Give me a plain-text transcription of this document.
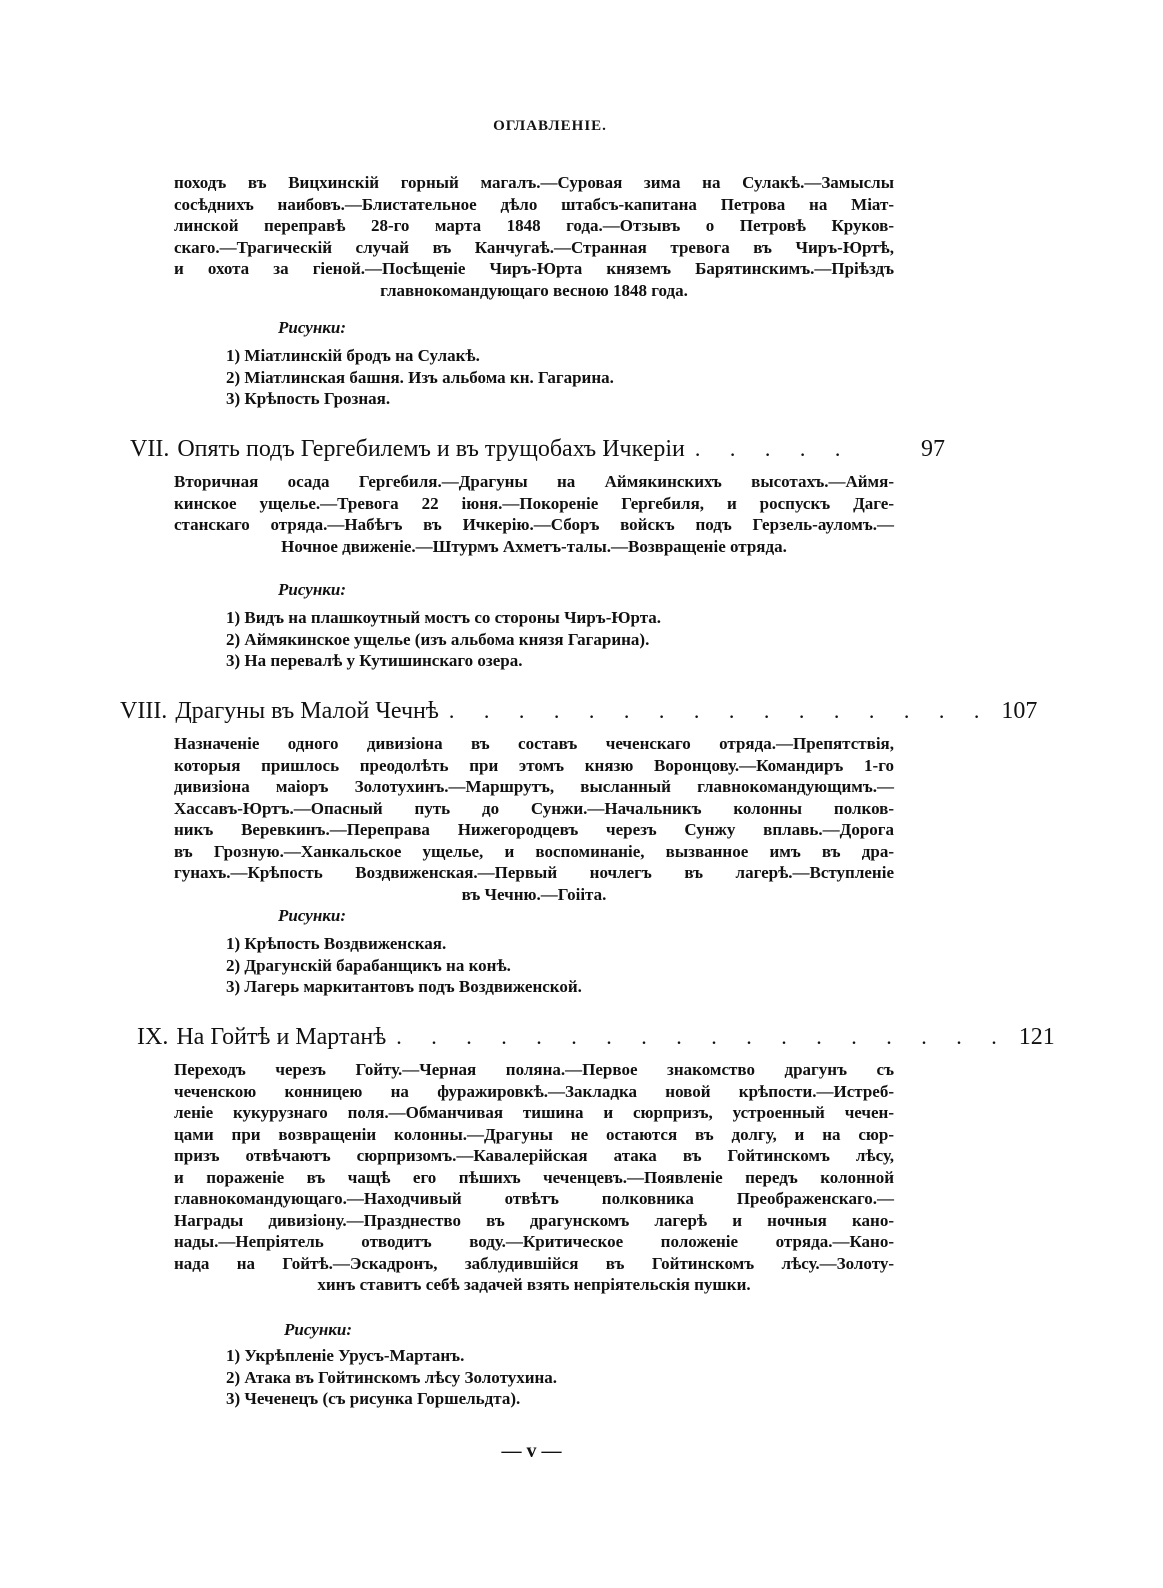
ОГЛАВЛЕНІЕ.
походъ въ Вицхинскій горный магалъ.—Суровая зима на Сулакѣ.—Замыслы
сосѣднихъ наибовъ.—Блистательное дѣло штабсъ-капитана Петрова на Міат-
линской переправѣ 28-го марта 1848 года.—Отзывъ о Петровѣ Круков-
скаго.—Трагическій случай въ Канчугаѣ.—Странная тревога въ Чиръ-Юртѣ,
и охота за гіеной.—Посѣщеніе Чиръ-Юрта княземъ Барятинскимъ.—Пріѣздъ
главнокомандующаго весною 1848 года.
Рисунки:
1) Міатлинскій бродъ на Сулакѣ.
2) Міатлинская башня. Изъ альбома кн. Гагарина.
3) Крѣпость Грозная.
VII. Опять подъ Гергебилемъ и въ трущобахъ Ичкеріи . . . . .	97
Вторичная осада Гергебиля.—Драгуны на Аймякинскихъ высотахъ.—Аймя-
кинское ущелье.—Тревога 22 іюня.—Покореніе Гергебиля, и роспускъ Даге-
станскаго отряда.—Набѣгъ въ Ичкерію.—Сборъ войскъ подъ Герзель-ауломъ.—
Ночное движеніе.—Штурмъ Ахметъ-талы.—Возвращеніе отряда.
Рисунки:
1) Видъ на плашкоутный мостъ со стороны Чиръ-Юрта.
2) Аймякинское ущелье (изъ альбома князя Гагарина).
3) На перевалѣ у Кутишинскаго озера.
VIII. Драгуны въ Малой Чечнѣ . . . . . . . . . . . . . . . . 107
Назначеніе одного дивизіона въ составъ чеченскаго отряда.—Препятствія,
которыя пришлось преодолѣть при этомъ князю Воронцову.—Командиръ 1-го
дивизіона маіоръ Золотухинъ.—Маршрутъ, высланный главнокомандующимъ.—
Хассавъ-Юртъ.—Опасный путь до Сунжи.—Начальникъ колонны полков-
никъ Веревкинъ.—Переправа Нижегородцевъ черезъ Сунжу вплавь.—Дорога
въ Грозную.—Ханкальское ущелье, и воспоминаніе, вызванное имъ въ дра-
гунахъ.—Крѣпость Воздвиженская.—Первый ночлегъ въ лагерѣ.—Вступленіе
въ Чечню.—Гоііта.
Рисунки:
1) Крѣпость Воздвиженская.
2) Драгунскій барабанщикъ на конѣ.
3) Лагерь маркитантовъ подъ Воздвиженской.
IX. На Гойтѣ и Мартанѣ . . . . . . . . . . . . . . . . . . 121
Переходъ черезъ Гойту.—Черная поляна.—Первое знакомство драгунъ съ
чеченскою конницею на фуражировкѣ.—Закладка новой крѣпости.—Истреб-
леніе кукурузнаго поля.—Обманчивая тишина и сюрпризъ, устроенный чечен-
цами при возвращеніи колонны.—Драгуны не остаются въ долгу, и на сюр-
призъ отвѣчаютъ сюрпризомъ.—Кавалерійская атака въ Гойтинскомъ лѣсу,
и пораженіе въ чащѣ его пѣшихъ чеченцевъ.—Появленіе передъ колонной
главнокомандующаго.—Находчивый отвѣтъ полковника Преображенскаго.—
Награды дивизіону.—Празднество въ драгунскомъ лагерѣ и ночныя кано-
нады.—Непріятель отводитъ воду.—Критическое положеніе отряда.—Кано-
нада на Гойтѣ.—Эскадронъ, заблудившійся въ Гойтинскомъ лѣсу.—Золоту-
хинъ ставитъ себѣ задачей взять непріятельскія пушки.
Рисунки:
1) Укрѣпленіе Урусъ-Мартанъ.
2) Атака въ Гойтинскомъ лѣсу Золотухина.
3) Чеченецъ (съ рисунка Горшельдта).
— v —
